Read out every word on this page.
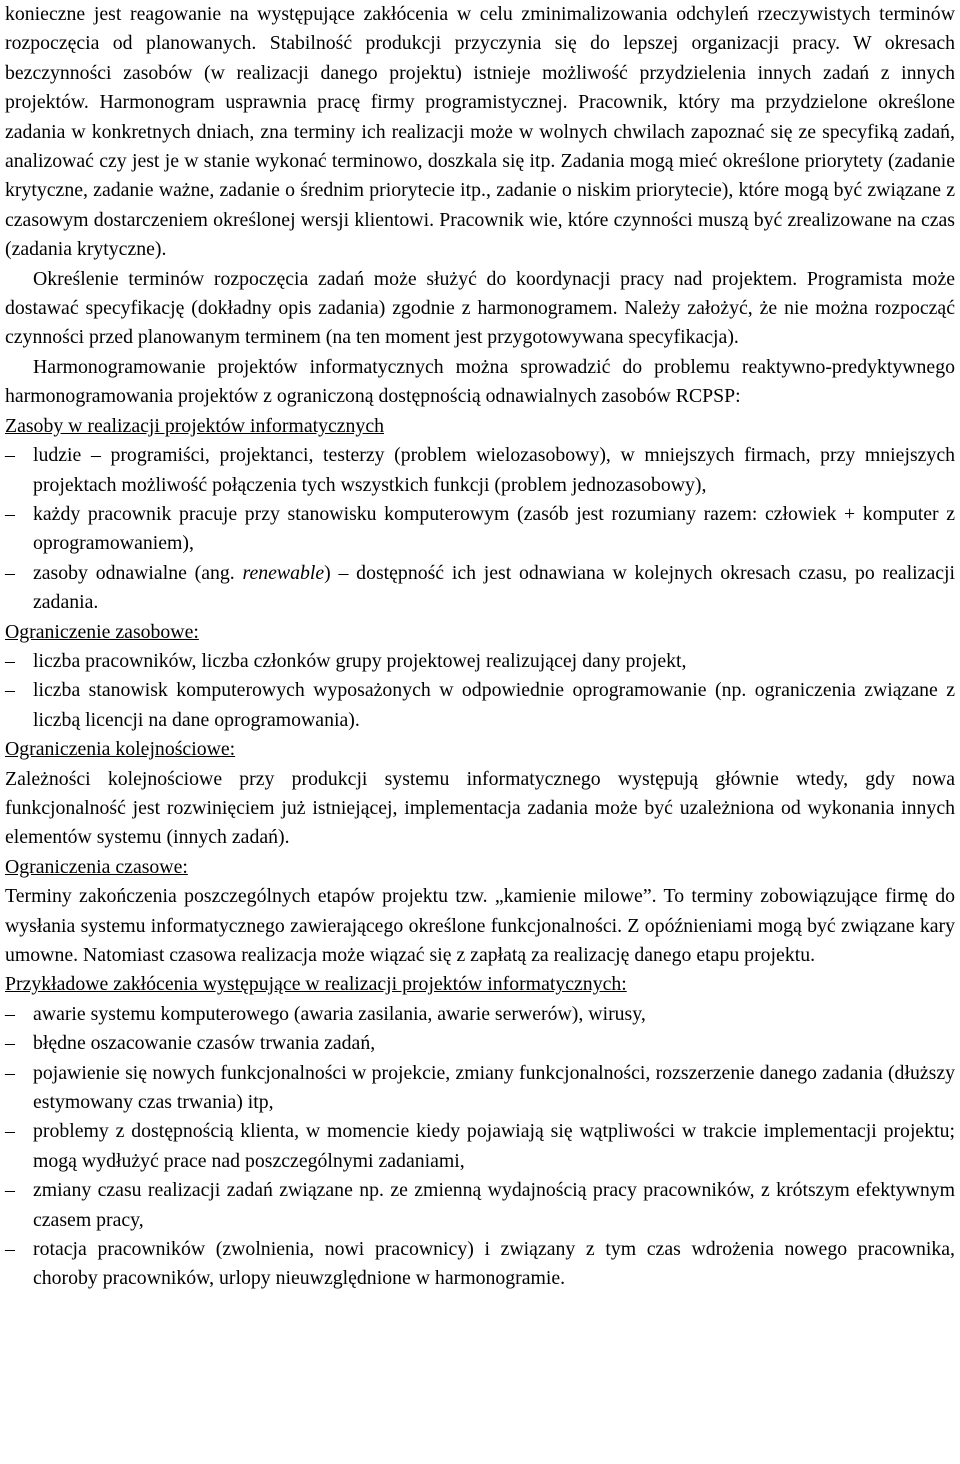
konieczne jest reagowanie na występujące zakłócenia w celu zminimalizowania odchyleń rzeczywistych terminów rozpoczęcia od planowanych. Stabilność produkcji przyczynia się do lepszej organizacji pracy. W okresach bezczynności zasobów (w realizacji danego projektu) istnieje możliwość przydzielenia innych zadań z innych projektów. Harmonogram usprawnia pracę firmy programistycznej. Pracownik, który ma przydzielone określone zadania w konkretnych dniach, zna terminy ich realizacji może w wolnych chwilach zapoznać się ze specyfiką zadań, analizować czy jest je w stanie wykonać terminowo, doszkala się itp. Zadania mogą mieć określone priorytety (zadanie krytyczne, zadanie ważne, zadanie o średnim priorytecie itp., zadanie o niskim priorytecie), które mogą być związane z czasowym dostarczeniem określonej wersji klientowi. Pracownik wie, które czynności muszą być zrealizowane na czas (zadania krytyczne).

Określenie terminów rozpoczęcia zadań może służyć do koordynacji pracy nad projektem. Programista może dostawać specyfikację (dokładny opis zadania) zgodnie z harmonogramem. Należy założyć, że nie można rozpocząć czynności przed planowanym terminem (na ten moment jest przygotowywana specyfikacja).

Harmonogramowanie projektów informatycznych można sprowadzić do problemu reaktywno-predyktywnego harmonogramowania projektów z ograniczoną dostępnością odnawialnych zasobów RCPSP:

Zasoby w realizacji projektów informatycznych

– ludzie – programiści, projektanci, testerzy (problem wielozasobowy), w mniejszych firmach, przy mniejszych projektach możliwość połączenia tych wszystkich funkcji (problem jednozasobowy),
– każdy pracownik pracuje przy stanowisku komputerowym (zasób jest rozumiany razem: człowiek + komputer z oprogramowaniem),
– zasoby odnawialne (ang. renewable) – dostępność ich jest odnawiana w kolejnych okresach czasu, po realizacji zadania.

Ograniczenie zasobowe:

– liczba pracowników, liczba członków grupy projektowej realizującej dany projekt,
– liczba stanowisk komputerowych wyposażonych w odpowiednie oprogramowanie (np. ograniczenia związane z liczbą licencji na dane oprogramowania).

Ograniczenia kolejnościowe:

Zależności kolejnościowe przy produkcji systemu informatycznego występują głównie wtedy, gdy nowa funkcjonalność jest rozwinięciem już istniejącej, implementacja zadania może być uzależniona od wykonania innych elementów systemu (innych zadań).

Ograniczenia czasowe:

Terminy zakończenia poszczególnych etapów projektu tzw. „kamienie milowe”. To terminy zobowiązujące firmę do wysłania systemu informatycznego zawierającego określone funkcjonalności. Z opóźnieniami mogą być związane kary umowne. Natomiast czasowa realizacja może wiązać się z zapłatą za realizację danego etapu projektu.

Przykładowe zakłócenia występujące w realizacji projektów informatycznych:

– awarie systemu komputerowego (awaria zasilania, awarie serwerów), wirusy,
– błędne oszacowanie czasów trwania zadań,
– pojawienie się nowych funkcjonalności w projekcie, zmiany funkcjonalności, rozszerzenie danego zadania (dłuższy estymowany czas trwania) itp,
– problemy z dostępnością klienta, w momencie kiedy pojawiają się wątpliwości w trakcie implementacji projektu; mogą wydłużyć prace nad poszczególnymi zadaniami,
– zmiany czasu realizacji zadań związane np. ze zmienną wydajnością pracy pracowników, z krótszym efektywnym czasem pracy,
– rotacja pracowników (zwolnienia, nowi pracownicy) i związany z tym czas wdrożenia nowego pracownika, choroby pracowników, urlopy nieuwzględnione w harmonogramie.
